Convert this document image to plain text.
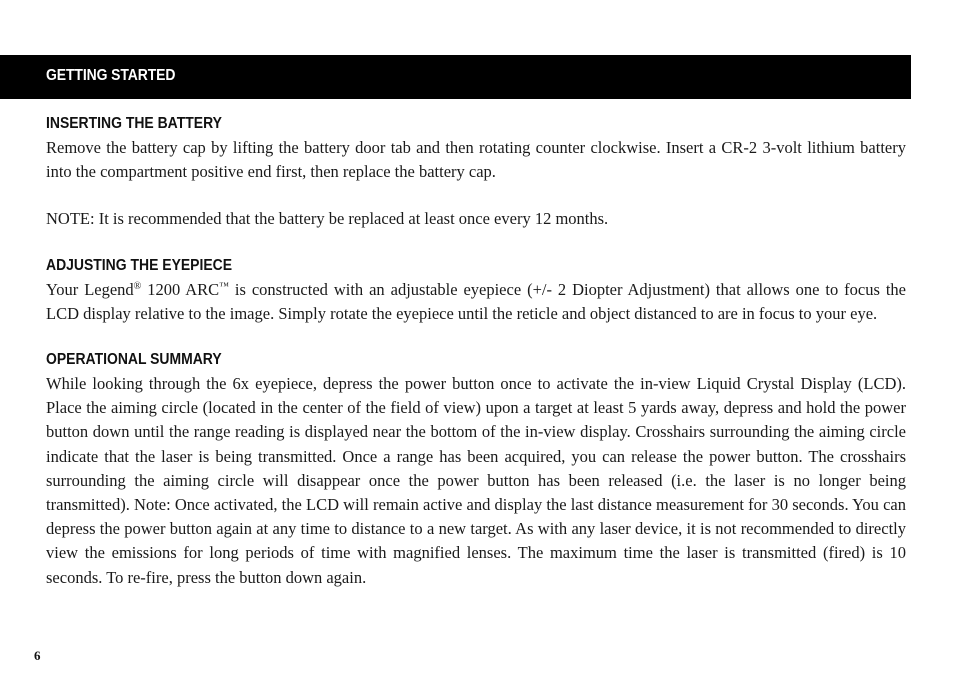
GETTING STARTED
INSERTING THE BATTERY

Remove the battery cap by lifting the battery door tab and then rotating counter clockwise. Insert a CR-2 3-volt lithium battery into the compartment positive end first, then replace the battery cap.

NOTE: It is recommended that the battery be replaced at least once every 12 months.

ADJUSTING THE EYEPIECE

Your Legend® 1200 ARC™ is constructed with an adjustable eyepiece (+/- 2 Diopter Adjustment) that allows one to focus the LCD display relative to the image. Simply rotate the eyepiece until the reticle and object distanced to are in focus to your eye.

OPERATIONAL SUMMARY

While looking through the 6x eyepiece, depress the power button once to activate the in-view Liquid Crystal Display (LCD). Place the aiming circle (located in the center of the field of view) upon a target at least 5 yards away, depress and hold the power button down until the range reading is displayed near the bottom of the in-view display. Crosshairs surrounding the aiming circle indicate that the laser is being transmitted. Once a range has been acquired, you can release the power button. The crosshairs surrounding the aiming circle will disappear once the power button has been released (i.e. the laser is no longer being transmitted). Note: Once activated, the LCD will remain active and display the last distance measurement for 30 seconds. You can depress the power button again at any time to distance to a new target. As with any laser device, it is not recommended to directly view the emissions for long periods of time with magnified lenses. The maximum time the laser is transmitted (fired) is 10 seconds. To re-fire, press the button down again.

6
